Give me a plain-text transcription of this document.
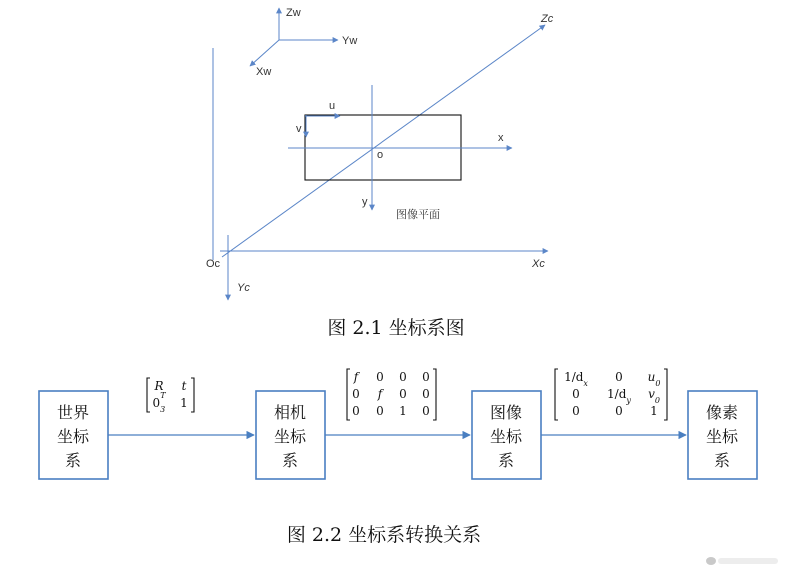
Zw
Yw
Xw
Zc
Xc
Yc
Oc
u
v
x
y
o
图像平面
图 2.1 坐标系图
世界
坐标
系
相机
坐标
系
图像
坐标
系
像素
坐标
系
R t
$0_3T$
1
f 0 0 0
0 f 0 0
0 0 1 0
$1/d_x$ 0 $u_0$
0 $1/d_y$ $v_0$
0	0 1
图 2.2 坐标系转换关系
